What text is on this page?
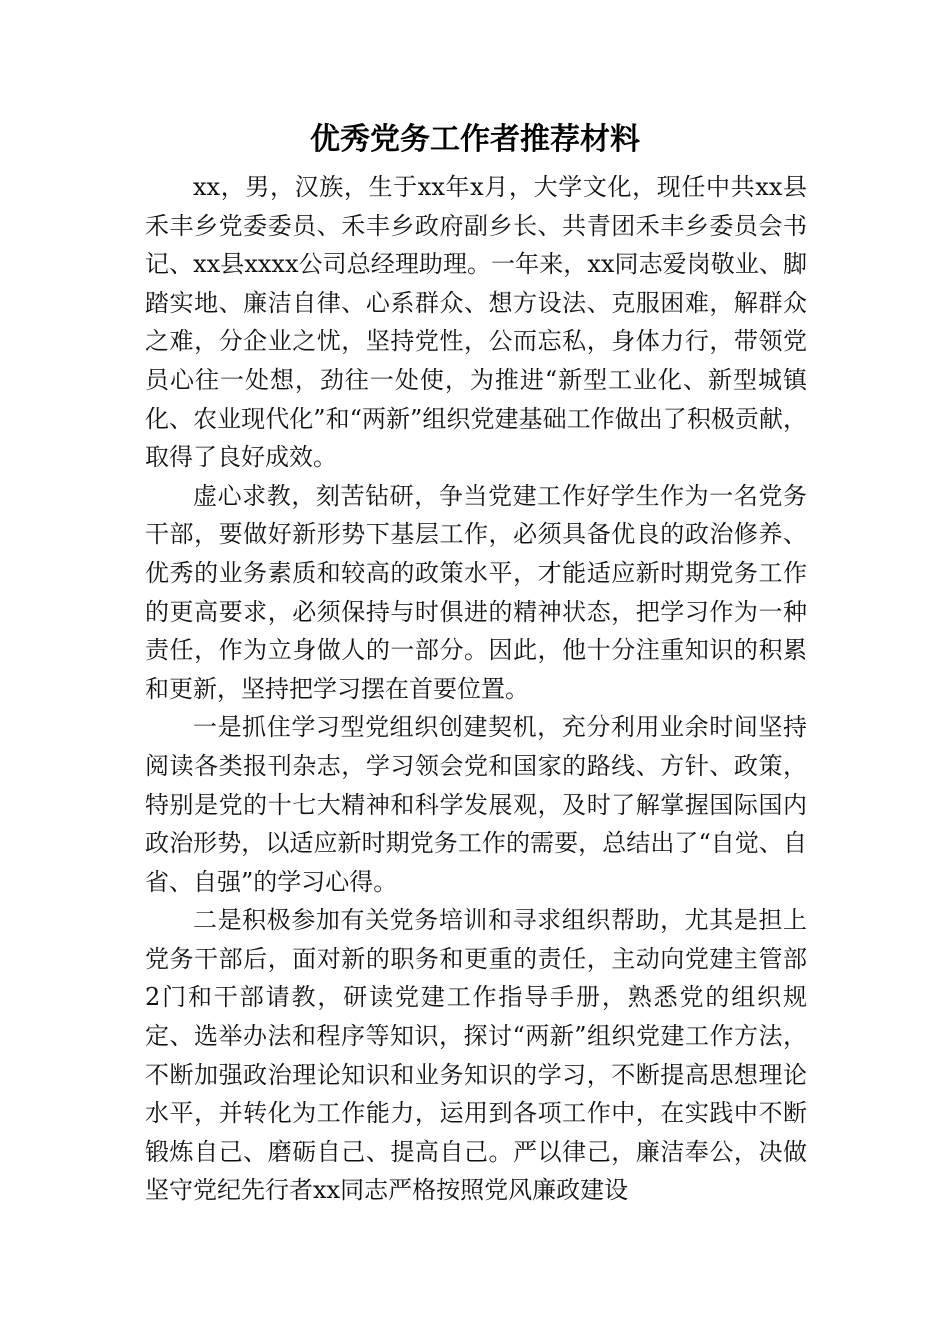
优秀党务工作者推荐材料

xx，男，汉族，生于xx年x月，大学文化，现任中共xx县禾丰乡党委委员、禾丰乡政府副乡长、共青团禾丰乡委员会书记、xx县xxxx公司总经理助理。一年来，xx同志爱岗敬业、脚踏实地、廉洁自律、心系群众、想方设法、克服困难，解群众之难，分企业之忧，坚持党性，公而忘私，身体力行，带领党员心往一处想，劲往一处使，为推进“新型工业化、新型城镇化、农业现代化”和“两新”组织党建基础工作做出了积极贡献，取得了良好成效。

虚心求教，刻苦钻研，争当党建工作好学生作为一名党务干部，要做好新形势下基层工作，必须具备优良的政治修养、优秀的业务素质和较高的政策水平，才能适应新时期党务工作的更高要求，必须保持与时俱进的精神状态，把学习作为一种责任，作为立身做人的一部分。因此，他十分注重知识的积累和更新，坚持把学习摆在首要位置。

一是抓住学习型党组织创建契机，充分利用业余时间坚持阅读各类报刊杂志，学习领会党和国家的路线、方针、政策，特别是党的十七大精神和科学发展观，及时了解掌握国际国内政治形势，以适应新时期党务工作的需要，总结出了“自觉、自省、自强”的学习心得。

二是积极参加有关党务培训和寻求组织帮助，尤其是担上党务干部后，面对新的职务和更重的责任，主动向党建主管部2门和干部请教，研读党建工作指导手册，熟悉党的组织规定、选举办法和程序等知识，探讨“两新”组织党建工作方法，不断加强政治理论知识和业务知识的学习，不断提高思想理论水平，并转化为工作能力，运用到各项工作中，在实践中不断锻炼自己、磨砺自己、提高自己。严以律己，廉洁奉公，决做坚守党纪先行者xx同志严格按照党风廉政建设
